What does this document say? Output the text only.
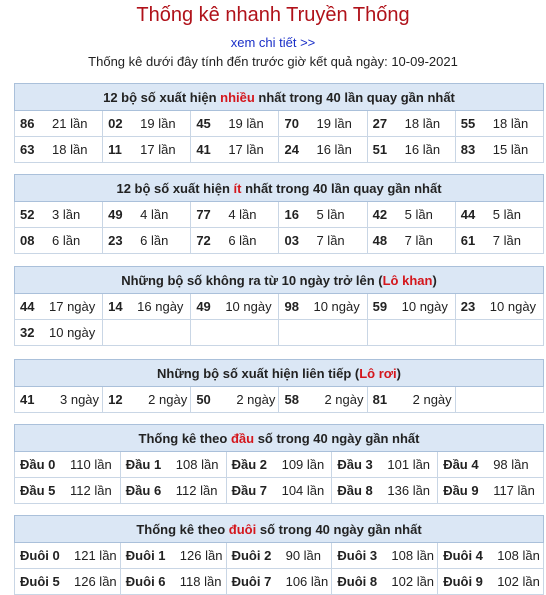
Thống kê nhanh Truyền Thống
xem chi tiết >>
Thống kê dưới đây tính đến trước giờ kết quả ngày: 10-09-2021
12 bộ số xuất hiện nhiều nhất trong 40 lần quay gần nhất					
86 21 lần	02 19 lần	45 19 lần	70 19 lần	27 18 lần	55 18 lần
63 18 lần	11 17 lần	41 17 lần	24 16 lần	51 16 lần	83 15 lần
12 bộ số xuất hiện ít nhất trong 40 lần quay gần nhất					
52 3 lần	49 4 lần	77 4 lần	16 5 lần	42 5 lần	44 5 lần
08 6 lần	23 6 lần	72 6 lần	03 7 lần	48 7 lần	61 7 lần
Những bộ số không ra từ 10 ngày trở lên (Lô khan)					
44 17 ngày	14 16 ngày	49 10 ngày	98 10 ngày	59 10 ngày	23 10 ngày
32 10 ngày					
Những bộ số xuất hiện liên tiếp (Lô rơi)
41 3 ngày	12 2 ngày	50 2 ngày	58 2 ngày	81 2 ngày	
Thống kê theo đầu số trong 40 ngày gần nhất				
Đầu 0 110 lần	Đầu 1 108 lần	Đầu 2 109 lần	Đầu 3 101 lần	Đầu 4 98 lần
Đầu 5 112 lần	Đầu 6 112 lần	Đầu 7 104 lần	Đầu 8 136 lần	Đầu 9 117 lần
Thống kê theo đuôi số trong 40 ngày gần nhất				
Đuôi 0 121 lần	Đuôi 1 126 lần	Đuôi 2 90 lần	Đuôi 3 108 lần	Đuôi 4 108 lần
Đuôi 5 126 lần	Đuôi 6 118 lần	Đuôi 7 106 lần	Đuôi 8 102 lần	Đuôi 9 102 lần
